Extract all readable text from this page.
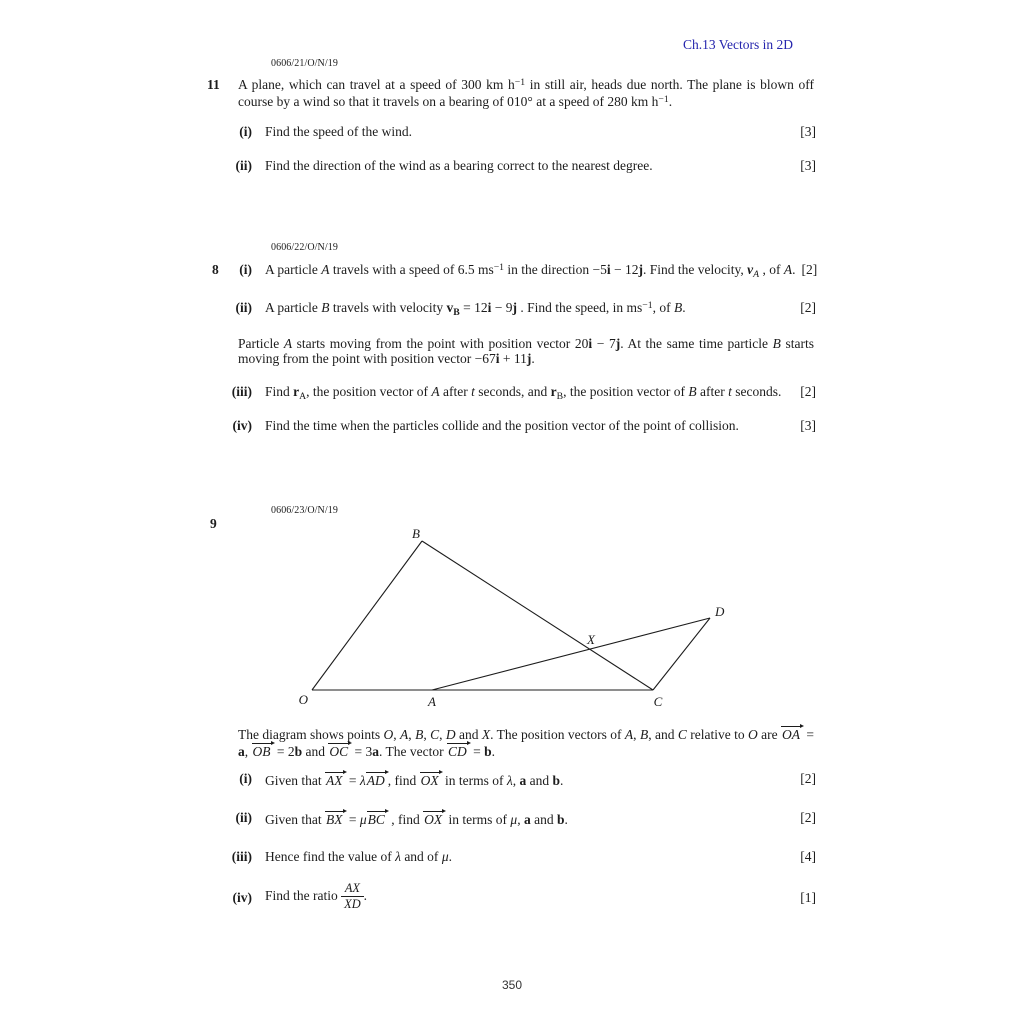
Ch.13 Vectors in 2D
0606/21/O/N/19
11 A plane, which can travel at a speed of 300 km $h^{-1}$ in still air, heads due north. The plane is blown off course by a wind so that it travels on a bearing of 010° at a speed of 280 km $h^{-1}$.
(i) Find the speed of the wind.	[3]
(ii) Find the direction of the wind as a bearing correct to the nearest degree.	[3]
0606/22/O/N/19
8	(i) A particle A travels with a speed of 6.5 $ms^{-1}$ in the direction −5i − 12j. Find the velocity, $v_A$ , of A. [2]
(ii) A particle B travels with velocity $v_B = 12i - 9j$ . Find the speed, in $ms^{-1}$, of B.	[2]
Particle A starts moving from the point with position vector 20i − 7j. At the same time particle B starts moving from the point with position vector −67i + 11j.
(iii) Find $r_A$, the position vector of A after t seconds, and $r_B$, the position vector of B after t seconds.	[2]
(iv) Find the time when the particles collide and the position vector of the point of collision.	[3]
0606/23/O/N/19
9
O	A
B
C
D
X
The diagram shows points O, A, B, C, D and X. The position vectors of A, B, and C relative to O are OA = a, OB = 2b and OC = 3a. The vector CD = b.
(i) Given that AX = λAD , find OX in terms of λ, a and b.	[2]
(ii) Given that BX = μBC , find OX in terms of μ, a and b.	[2]
(iii) Hence find the value of λ and of μ.	[4]
(iv) Find the ratio $\frac{AX}{XD}$ .	[1]
350
